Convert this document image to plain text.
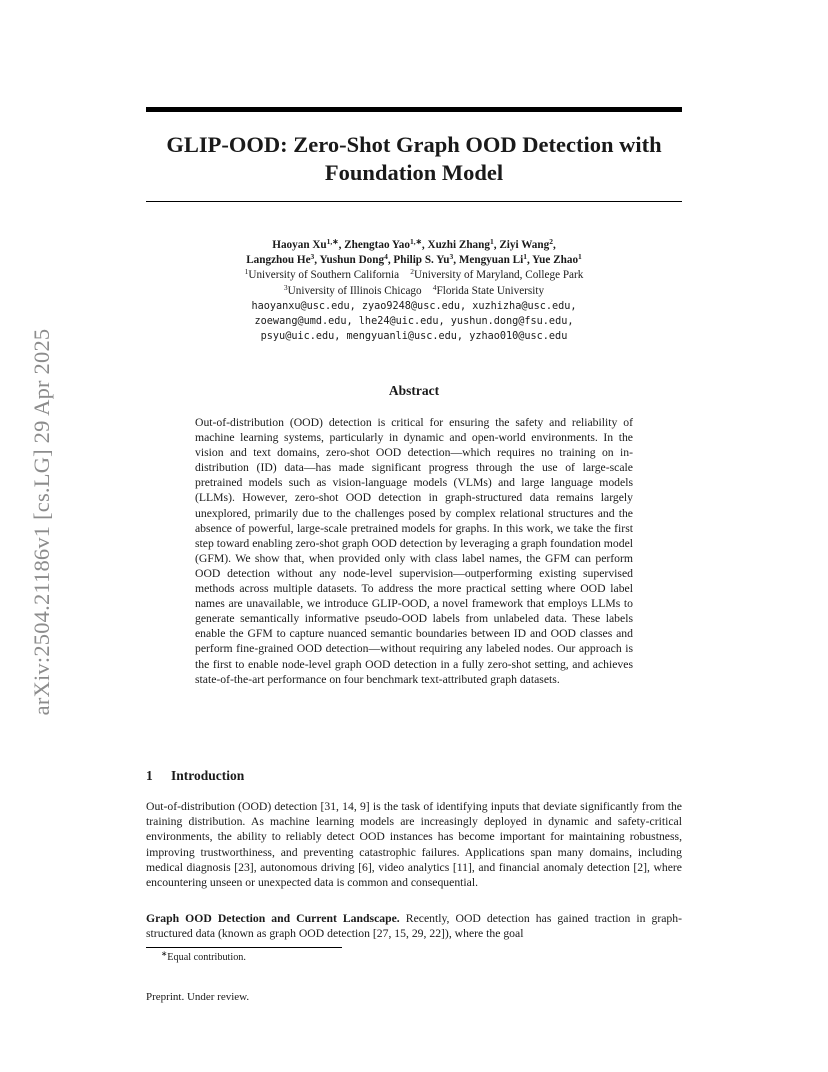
arXiv:2504.21186v1 [cs.LG] 29 Apr 2025
GLIP-OOD: Zero-Shot Graph OOD Detection with
Foundation Model
Haoyan $Xu^{1,∗}$, Zhengtao Yao$^{1,∗}$, Xuzhi Zhang$^1$, Ziyi Wang$^2$,
Langzhou He$^3$, Yushun Dong$^4$, Philip S. Yu$^3$, Mengyuan Li$^1$, Yue Zhao$^1$
$^1$University of Southern California $^2$University of Maryland, College Park
$^3$University of Illinois Chicago $^4$Florida State University
haoyanxu@usc.edu, zyao9248@usc.edu, xuzhizha@usc.edu,
zoewang@umd.edu, lhe24@uic.edu, yushun.dong@fsu.edu,
psyu@uic.edu, mengyuanli@usc.edu, yzhao010@usc.edu
Abstract

Out-of-distribution (OOD) detection is critical for ensuring the safety and reliability of machine learning systems, particularly in dynamic and open-world environments. In the vision and text domains, zero-shot OOD detection—which requires no training on in-distribution (ID) data—has made significant progress through the use of large-scale pretrained models such as vision-language models (VLMs) and large language models (LLMs). However, zero-shot OOD detection in graph-structured data remains largely unexplored, primarily due to the challenges posed by complex relational structures and the absence of powerful, large-scale pretrained models for graphs. In this work, we take the first step toward enabling zero-shot graph OOD detection by leveraging a graph foundation model (GFM). We show that, when provided only with class label names, the GFM can perform OOD detection without any node-level supervision—outperforming existing supervised methods across multiple datasets. To address the more practical setting where OOD label names are unavailable, we introduce GLIP-OOD, a novel framework that employs LLMs to generate semantically informative pseudo-OOD labels from unlabeled data. These labels enable the GFM to capture nuanced semantic boundaries between ID and OOD classes and perform fine-grained OOD detection—without requiring any labeled nodes. Our approach is the first to enable node-level graph OOD detection in a fully zero-shot setting, and achieves state-of-the-art performance on four benchmark text-attributed graph datasets.

1 Introduction

Out-of-distribution (OOD) detection [31, 14, 9] is the task of identifying inputs that deviate significantly from the training distribution. As machine learning models are increasingly deployed in dynamic and safety-critical environments, the ability to reliably detect OOD instances has become important for maintaining robustness, improving trustworthiness, and preventing catastrophic failures. Applications span many domains, including medical diagnosis [23], autonomous driving [6], video analytics [11], and financial anomaly detection [2], where encountering unseen or unexpected data is common and consequential.

Graph OOD Detection and Current Landscape. Recently, OOD detection has gained traction in graph-structured data (known as graph OOD detection [27, 15, 29, 22]), where the goal

∗Equal contribution.

Preprint. Under review.
